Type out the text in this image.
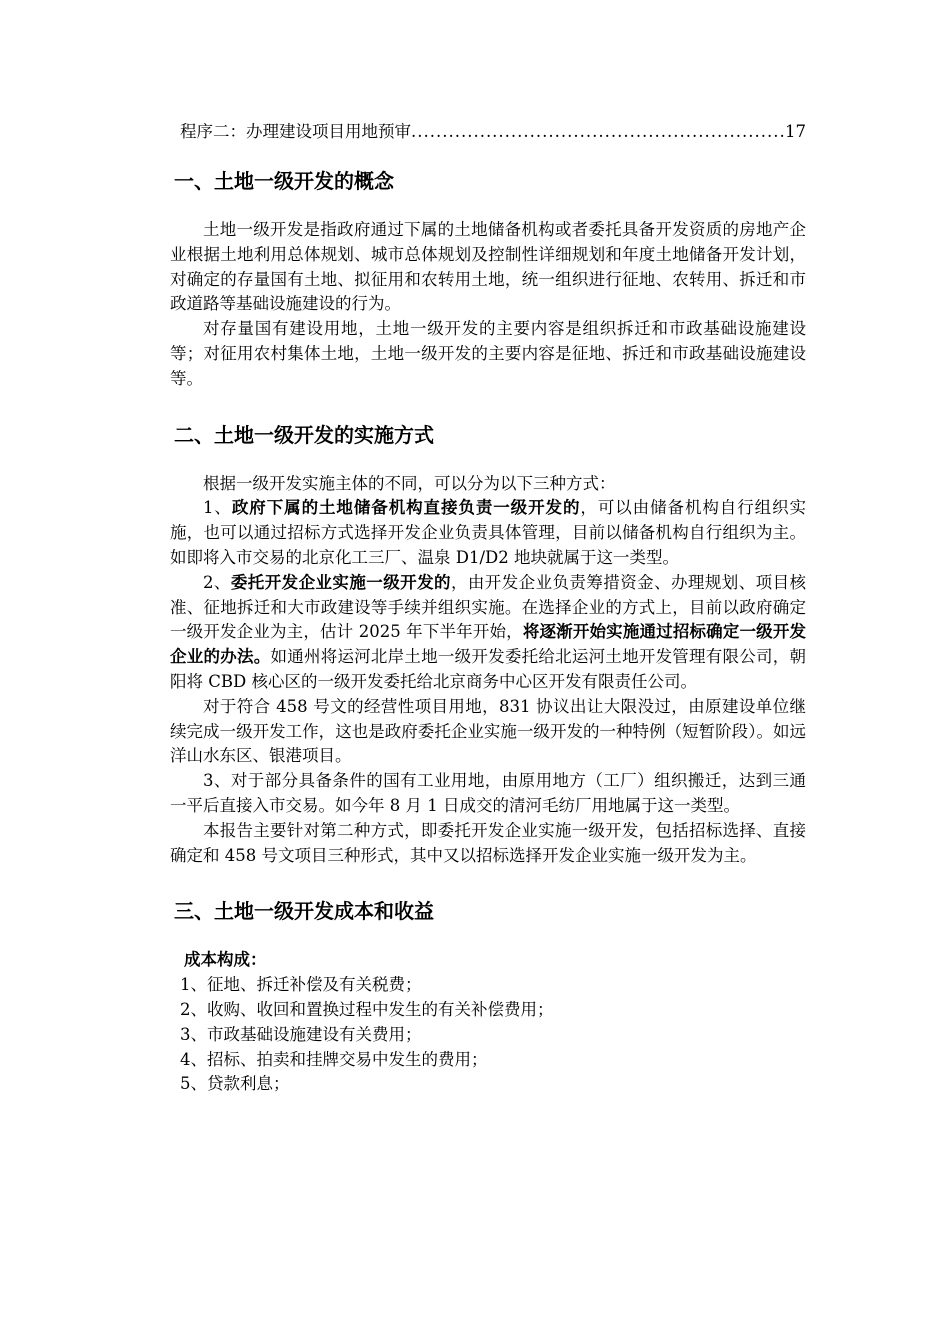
程序二：办理建设项目用地预审
.....	17
一、土地一级开发的概念

土地一级开发是指政府通过下属的土地储备机构或者委托具备开发资质的房地产企业根据土地利用总体规划、城市总体规划及控制性详细规划和年度土地储备开发计划，对确定的存量国有土地、拟征用和农转用土地，统一组织进行征地、农转用、拆迁和市政道路等基础设施建设的行为。

对存量国有建设用地，土地一级开发的主要内容是组织拆迁和市政基础设施建设等；对征用农村集体土地，土地一级开发的主要内容是征地、拆迁和市政基础设施建设等。

二、土地一级开发的实施方式

根据一级开发实施主体的不同，可以分为以下三种方式：

1、政府下属的土地储备机构直接负责一级开发的，可以由储备机构自行组织实施，也可以通过招标方式选择开发企业负责具体管理，目前以储备机构自行组织为主。如即将入市交易的北京化工三厂、温泉 D1/D2 地块就属于这一类型。

2、委托开发企业实施一级开发的，由开发企业负责筹措资金、办理规划、项目核准、征地拆迁和大市政建设等手续并组织实施。在选择企业的方式上，目前以政府确定一级开发企业为主，估计 2025 年下半年开始，将逐渐开始实施通过招标确定一级开发企业的办法。如通州将运河北岸土地一级开发委托给北运河土地开发管理有限公司，朝阳将 CBD 核心区的一级开发委托给北京商务中心区开发有限责任公司。

对于符合 458 号文的经营性项目用地，831 协议出让大限没过，由原建设单位继续完成一级开发工作，这也是政府委托企业实施一级开发的一种特例（短暂阶段）。如远洋山水东区、银港项目。

3、对于部分具备条件的国有工业用地，由原用地方（工厂）组织搬迁，达到三通一平后直接入市交易。如今年 8 月 1 日成交的清河毛纺厂用地属于这一类型。

本报告主要针对第二种方式，即委托开发企业实施一级开发，包括招标选择、直接确定和 458 号文项目三种形式，其中又以招标选择开发企业实施一级开发为主。

三、土地一级开发成本和收益

成本构成：

1、征地、拆迁补偿及有关税费；

2、收购、收回和置换过程中发生的有关补偿费用；

3、市政基础设施建设有关费用；

4、招标、拍卖和挂牌交易中发生的费用；

5、贷款利息；
